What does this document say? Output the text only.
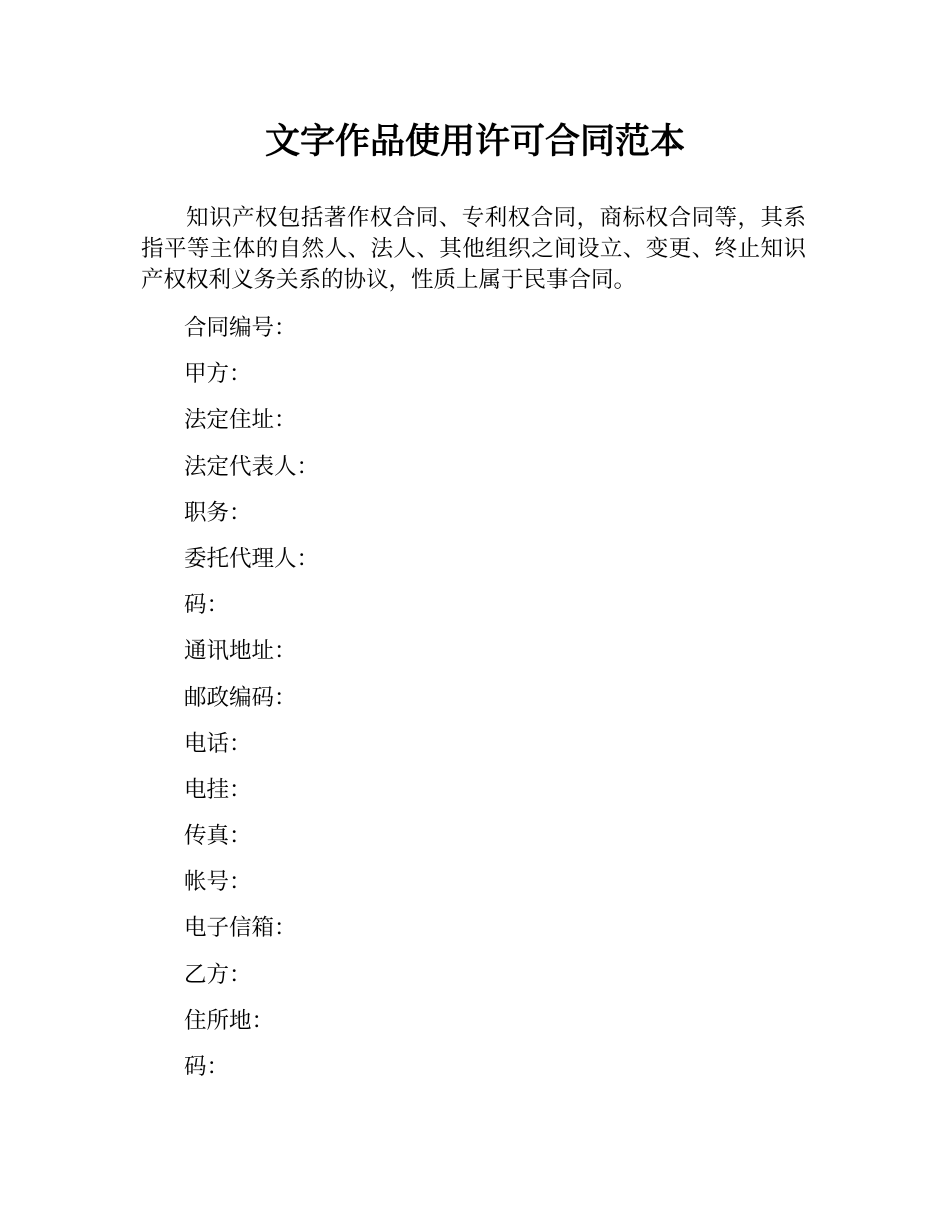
文字作品使用许可合同范本

知识产权包括著作权合同、专利权合同，商标权合同等，其系指平等主体的自然人、法人、其他组织之间设立、变更、终止知识产权权利义务关系的协议，性质上属于民事合同。

合同编号：
甲方：
法定住址：
法定代表人：
职务：
委托代理人：
码：
通讯地址：
邮政编码：
电话：
电挂：
传真：
帐号：
电子信箱：
乙方：
住所地：
码：
